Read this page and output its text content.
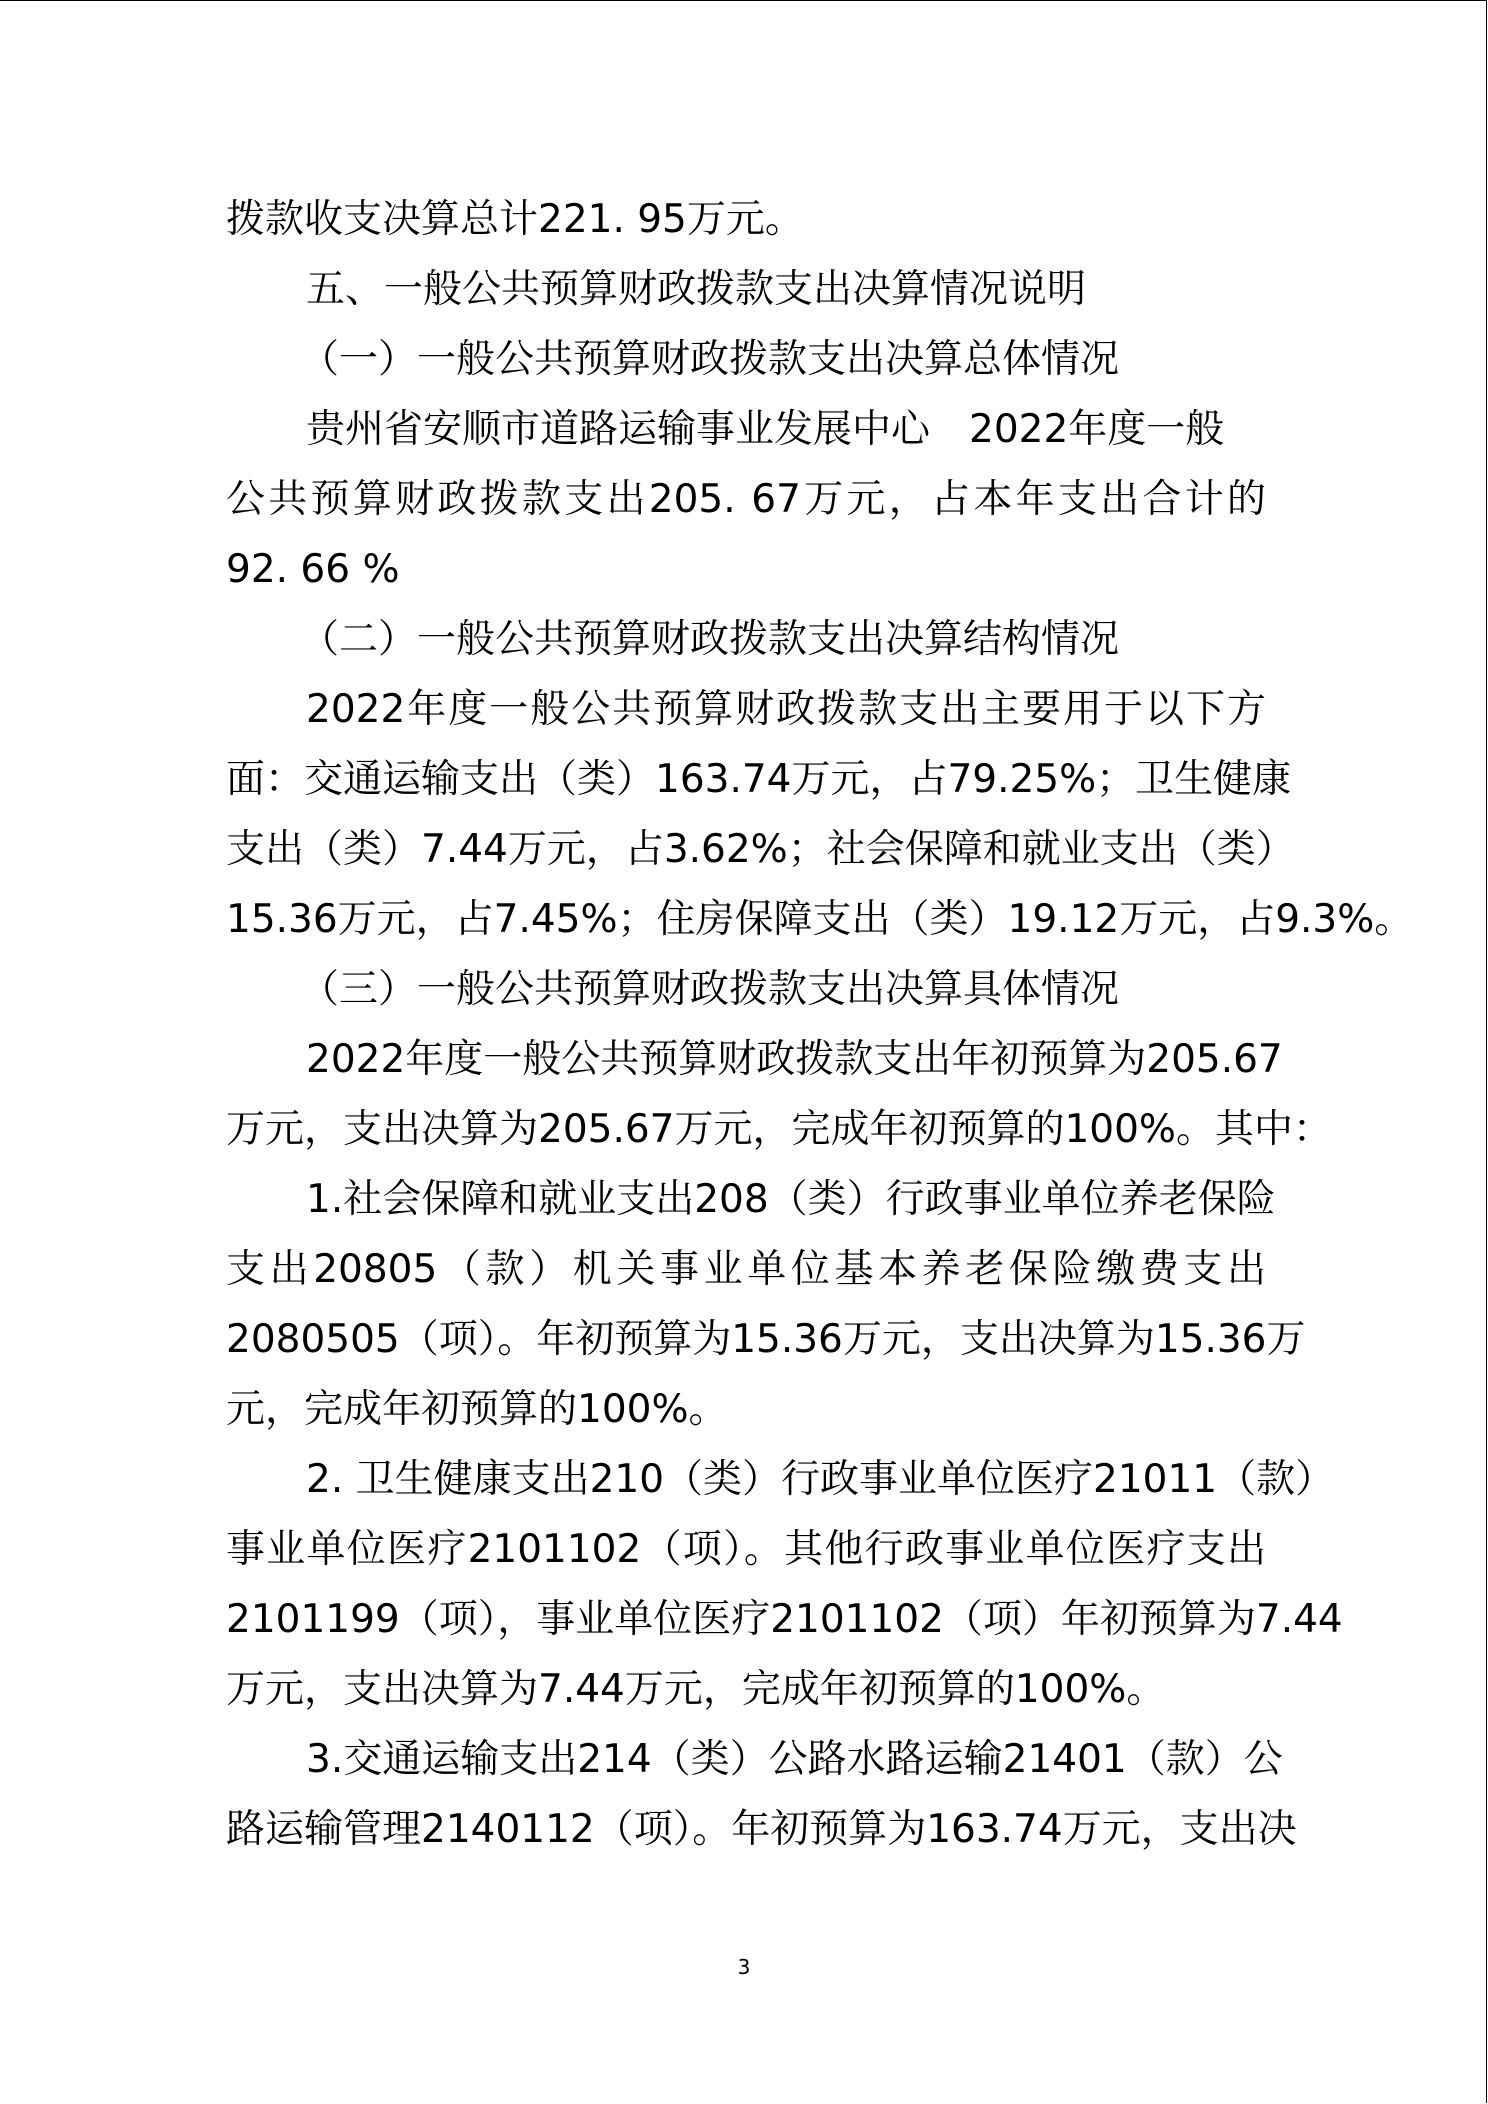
拨款收支决算总计221. 95万元。
五、一般公共预算财政拨款支出决算情况说明
（一）一般公共预算财政拨款支出决算总体情况
贵州省安顺市道路运输事业发展中心　2022年度一般
公共预算财政拨款支出205. 67万元，占本年支出合计的
92. 66 %
（二）一般公共预算财政拨款支出决算结构情况
2022年度一般公共预算财政拨款支出主要用于以下方
面：交通运输支出（类）163.74万元，占79.25%；卫生健康
支出（类）7.44万元，占3.62%；社会保障和就业支出（类）
15.36万元，占7.45%；住房保障支出（类）19.12万元，占9.3%。
（三）一般公共预算财政拨款支出决算具体情况
2022年度一般公共预算财政拨款支出年初预算为205.67
万元，支出决算为205.67万元，完成年初预算的100%。其中：
1.社会保障和就业支出208（类）行政事业单位养老保险
支出20805（款）机关事业单位基本养老保险缴费支出
2080505（项）。年初预算为15.36万元，支出决算为15.36万
元，完成年初预算的100%。
2. 卫生健康支出210（类）行政事业单位医疗21011（款）
事业单位医疗2101102（项）。其他行政事业单位医疗支出
2101199（项），事业单位医疗2101102（项）年初预算为7.44
万元，支出决算为7.44万元，完成年初预算的100%。
3.交通运输支出214（类）公路水路运输21401（款）公
路运输管理2140112（项）。年初预算为163.74万元，支出决
3
